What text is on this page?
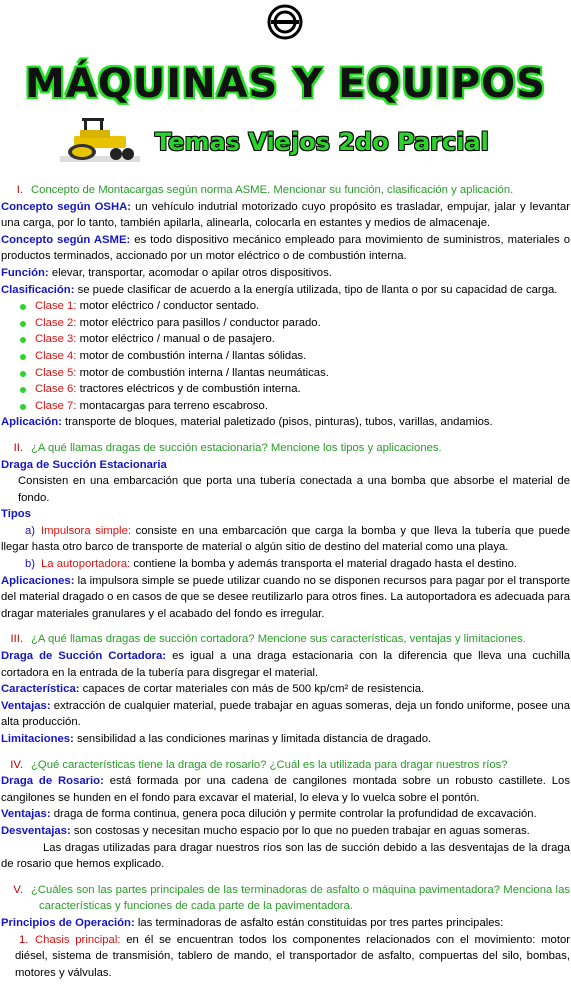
MÁQUINAS Y EQUIPOS
Temas Viejos 2do Parcial
I. Concepto de Montacargas según norma ASME. Mencionar su función, clasificación y aplicación.
Concepto según OSHA: un vehículo indutrial motorizado cuyo propósito es trasladar, empujar, jalar y levantar una carga, por lo tanto, también apilarla, alinearla, colocarla en estantes y medios de almacenaje.
Concepto según ASME: es todo dispositivo mecánico empleado para movimiento de suministros, materiales o productos terminados, accionado por un motor eléctrico o de combustión interna.
Función: elevar, transportar, acomodar o apilar otros dispositivos.
Clasificación: se puede clasificar de acuerdo a la energía utilizada, tipo de llanta o por su capacidad de carga.
Clase 1: motor eléctrico / conductor sentado.
Clase 2: motor eléctrico para pasillos / conductor parado.
Clase 3: motor eléctrico / manual o de pasajero.
Clase 4: motor de combustión interna / llantas sólidas.
Clase 5: motor de combustión interna / llantas neumáticas.
Clase 6: tractores eléctricos y de combustión interna.
Clase 7: montacargas para terreno escabroso.
Aplicación: transporte de bloques, material paletizado (pisos, pinturas), tubos, varillas, andamios.
II. ¿A qué llamas dragas de succión estacionaria? Mencione los tipos y aplicaciones.
Draga de Succión Estacionaria
Consisten en una embarcación que porta una tubería conectada a una bomba que absorbe el material de fondo.
Tipos
a) Impulsora simple: consiste en una embarcación que carga la bomba y que lleva la tubería que puede llegar hasta otro barco de transporte de material o algún sitio de destino del material como una playa.
b) La autoportadora: contiene la bomba y además transporta el material dragado hasta el destino.
Aplicaciones: la impulsora simple se puede utilizar cuando no se disponen recursos para pagar por el transporte del material dragado o en casos de que se desee reutilizarlo para otros fines. La autoportadora es adecuada para dragar materiales granulares y el acabado del fondo es irregular.
III. ¿A qué llamas dragas de succión cortadora? Mencione sus características, ventajas y limitaciones.
Draga de Succión Cortadora: es igual a una draga estacionaria con la diferencia que lleva una cuchilla cortadora en la entrada de la tubería para disgregar el material.
Característica: capaces de cortar materiales con más de 500 kp/cm² de resistencia.
Ventajas: extracción de cualquier material, puede trabajar en aguas someras, deja un fondo uniforme, posee una alta producción.
Limitaciones: sensibilidad a las condiciones marinas y limitada distancia de dragado.
IV. ¿Qué características tiene la draga de rosario? ¿Cuál es la utilizada para dragar nuestros ríos?
Draga de Rosario: está formada por una cadena de cangilones montada sobre un robusto castillete. Los cangilones se hunden en el fondo para excavar el material, lo eleva y lo vuelca sobre el pontón.
Ventajas: draga de forma continua, genera poca dilución y permite controlar la profundidad de excavación.
Desventajas: son costosas y necesitan mucho espacio por lo que no pueden trabajar en aguas someras.
Las dragas utilizadas para dragar nuestros ríos son las de succión debido a las desventajas de la draga de rosario que hemos explicado.
V. ¿Cuáles son las partes principales de las terminadoras de asfalto o máquina pavimentadora? Menciona las características y funciones de cada parte de la pavimentadora.
Principios de Operación: las terminadoras de asfalto están constituidas por tres partes principales:
1. Chasis principal: en él se encuentran todos los componentes relacionados con el movimiento: motor diésel, sistema de transmisión, tablero de mando, el transportador de asfalto, compuertas del silo, bombas, motores y válvulas.
